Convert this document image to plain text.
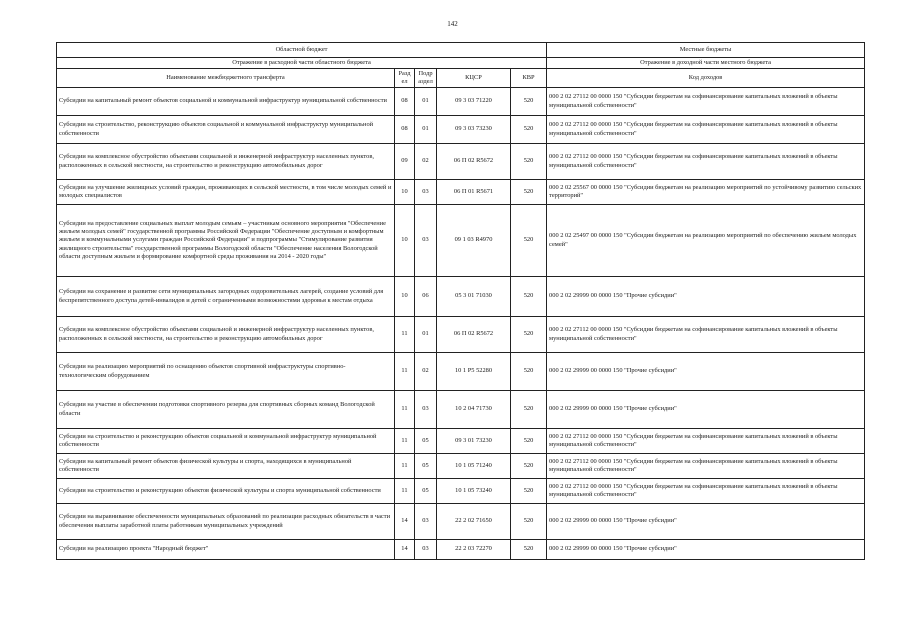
142
Областной бюджет					Местные бюджеты
Отражение в расходной части областного бюджета					Отражение в доходной части местного бюджета
Наименование межбюджетного трансферта	Разд ел	Подр аздел	КЦСР	КВР	Код доходов
Субсидии на капитальный ремонт объектов социальной и коммунальной инфраструктур муниципальной собственности	08	01	09 3 03 71220	520	000 2 02 27112 00 0000 150 "Субсидии бюджетам на софинансирование капитальных вложений в объекты муниципальной собственности"
Субсидии на строительство, реконструкцию объектов социальной и коммунальной инфраструктур муниципальной собственности	08	01	09 3 03 73230	520	000 2 02 27112 00 0000 150 "Субсидии бюджетам на софинансирование капитальных вложений в объекты муниципальной собственности"
Субсидии на комплексное обустройство объектами социальной и инженерной инфраструктур населенных пунктов, расположенных в сельской местности, на строительство и реконструкцию автомобильных дорог	09	02	06 П 02 R5672	520	000 2 02 27112 00 0000 150 "Субсидии бюджетам на софинансирование капитальных вложений в объекты муниципальной собственности"
Субсидии на улучшение жилищных условий граждан, проживающих в сельской местности, в том числе молодых семей и молодых специалистов	10	03	06 П 01 R5671	520	000 2 02 25567 00 0000 150 "Субсидии бюджетам на реализацию мероприятий по устойчивому развитию сельских территорий"
Субсидии на предоставление социальных выплат молодым семьям – участникам основного мероприятия "Обеспечение жильем молодых семей" государственной программы Российской Федерации "Обеспечение доступным и комфортным жильем и коммунальными услугами граждан Российской Федерации" и подпрограммы "Стимулирование развития жилищного строительства" государственной программы Вологодской области "Обеспечение населения Вологодской области доступным жильем и формирование комфортной среды проживания на 2014 - 2020 годы"	10	03	09 1 03 R4970	520	000 2 02 25497 00 0000 150 "Субсидии бюджетам на реализацию мероприятий по обеспечению жильем молодых семей"
Субсидии на сохранение и развитие сети муниципальных загородных оздоровительных лагерей, создание условий для беспрепятственного доступа детей-инвалидов и детей с ограниченными возможностями здоровья к местам отдыха	10	06	05 3 01 71030	520	000 2 02 29999 00 0000 150 "Прочие субсидии"
Субсидии на комплексное обустройство объектами социальной и инженерной инфраструктур населенных пунктов, расположенных в сельской местности, на строительство и реконструкцию автомобильных дорог	11	01	06 П 02 R5672	520	000 2 02 27112 00 0000 150 "Субсидии бюджетам на софинансирование капитальных вложений в объекты муниципальной собственности"
Субсидии на реализацию мероприятий по оснащению объектов спортивной инфраструктуры спортивно-технологическим оборудованием	11	02	10 1 Р5 52280	520	000 2 02 29999 00 0000 150 "Прочие субсидии"
Субсидии на участие в обеспечении подготовки спортивного резерва для спортивных сборных команд Вологодской области	11	03	10 2 04 71730	520	000 2 02 29999 00 0000 150 "Прочие субсидии"
Субсидии на строительство и реконструкцию объектов социальной и коммунальной инфраструктур муниципальной собственности	11	05	09 3 01 73230	520	000 2 02 27112 00 0000 150 "Субсидии бюджетам на софинансирование капитальных вложений в объекты муниципальной собственности"
Субсидии на капитальный ремонт объектов физической культуры и спорта, находящихся в муниципальной собственности	11	05	10 1 05 71240	520	000 2 02 27112 00 0000 150 "Субсидии бюджетам на софинансирование капитальных вложений в объекты муниципальной собственности"
Субсидии на строительство и реконструкцию объектов физической культуры и спорта муниципальной собственности	11	05	10 1 05 73240	520	000 2 02 27112 00 0000 150 "Субсидии бюджетам на софинансирование капитальных вложений в объекты муниципальной собственности"
Субсидии на выравнивание обеспеченности муниципальных образований по реализации расходных обязательств в части обеспечения выплаты заработной платы работникам муниципальных учреждений	14	03	22 2 02 71650	520	000 2 02 29999 00 0000 150 "Прочие субсидии"
Субсидии на реализацию проекта "Народный бюджет"	14	03	22 2 03 72270	520	000 2 02 29999 00 0000 150 "Прочие субсидии"
